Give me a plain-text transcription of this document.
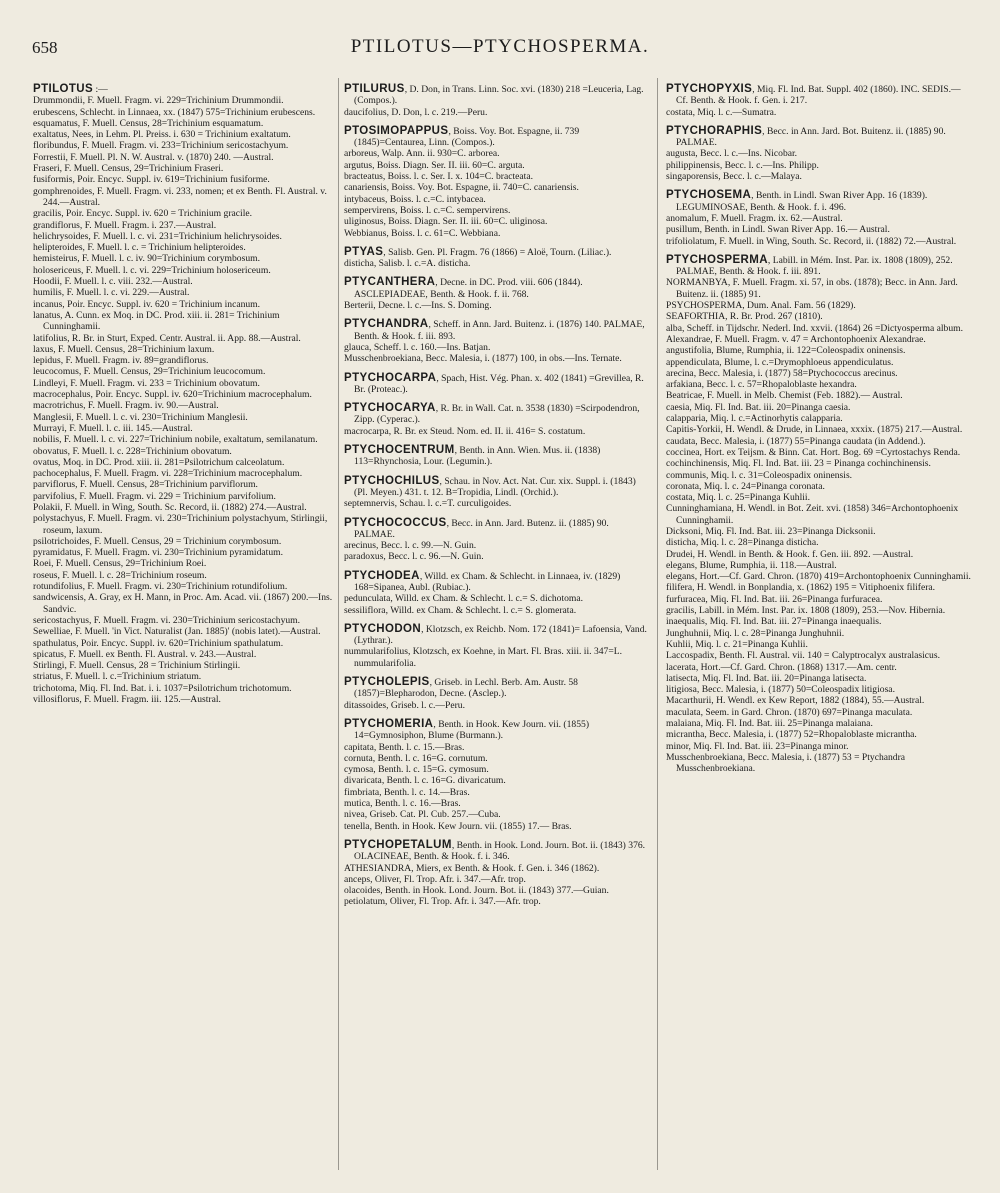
658	PTILOTUS—PTYCHOSPERMA.

PTILOTUS :—

Drummondii, F. Muell. Fragm. vi. 229=Trichinium Drummondii.

erubescens, Schlecht. in Linnaea, xx. (1847) 575=Trichinium erubescens.

esquamatus, F. Muell. Census, 28=Trichinium esquamatum.

exaltatus, Nees, in Lehm. Pl. Preiss. i. 630 = Trichinium exaltatum.

floribundus, F. Muell. Fragm. vi. 233=Trichinium sericostachyum.

Forrestii, F. Muell. Pl. N. W. Austral. v. (1870) 240. —Austral.

Fraseri, F. Muell. Census, 29=Trichinium Fraseri.

fusiformis, Poir. Encyc. Suppl. iv. 619=Trichinium fusiforme.

gomphrenoides, F. Muell. Fragm. vi. 233, nomen; et ex Benth. Fl. Austral. v. 244.—Austral.

gracilis, Poir. Encyc. Suppl. iv. 620 = Trichinium gracile.

grandiflorus, F. Muell. Fragm. i. 237.—Austral.

helichrysoides, F. Muell. l. c. vi. 231=Trichinium helichrysoides.

helipteroides, F. Muell. l. c. = Trichinium helipteroides.

hemisteirus, F. Muell. l. c. iv. 90=Trichinium corymbosum.

holosericeus, F. Muell. l. c. vi. 229=Trichinium holosericeum.

Hoodii, F. Muell. l. c. viii. 232.—Austral.

humilis, F. Muell. l. c. vi. 229.—Austral.

incanus, Poir. Encyc. Suppl. iv. 620 = Trichinium incanum.

lanatus, A. Cunn. ex Moq. in DC. Prod. xiii. ii. 281= Trichinium Cunninghamii.

latifolius, R. Br. in Sturt, Exped. Centr. Austral. ii. App. 88.—Austral.

laxus, F. Muell. Census, 28=Trichinium laxum.

lepidus, F. Muell. Fragm. iv. 89=grandiflorus.

leucocomus, F. Muell. Census, 29=Trichinium leucocomum.

Lindleyi, F. Muell. Fragm. vi. 233 = Trichinium obovatum.

macrocephalus, Poir. Encyc. Suppl. iv. 620=Trichinium macrocephalum.

macrotrichus, F. Muell. Fragm. iv. 90.—Austral.

Manglesii, F. Muell. l. c. vi. 230=Trichinium Manglesii.

Murrayi, F. Muell. l. c. iii. 145.—Austral.

nobilis, F. Muell. l. c. vi. 227=Trichinium nobile, exaltatum, semilanatum.

obovatus, F. Muell. l. c. 228=Trichinium obovatum.

ovatus, Moq. in DC. Prod. xiii. ii. 281=Psilotrichum calceolatum.

pachocephalus, F. Muell. Fragm. vi. 228=Trichinium macrocephalum.

parviflorus, F. Muell. Census, 28=Trichinium parviflorum.

parvifolius, F. Muell. Fragm. vi. 229 = Trichinium parvifolium.

Polakii, F. Muell. in Wing, South. Sc. Record, ii. (1882) 274.—Austral.

polystachyus, F. Muell. Fragm. vi. 230=Trichinium polystachyum, Stirlingii, roseum, laxum.

psilotrichoides, F. Muell. Census, 29 = Trichinium corymbosum.

pyramidatus, F. Muell. Fragm. vi. 230=Trichinium pyramidatum.

Roei, F. Muell. Census, 29=Trichinium Roei.

roseus, F. Muell. l. c. 28=Trichinium roseum.

rotundifolius, F. Muell. Fragm. vi. 230=Trichinium rotundifolium.

sandwicensis, A. Gray, ex H. Mann, in Proc. Am. Acad. vii. (1867) 200.—Ins. Sandvic.

sericostachyus, F. Muell. Fragm. vi. 230=Trichinium sericostachyum.

Sewelliae, F. Muell. 'in Vict. Naturalist (Jan. 1885)' (nobis latet).—Austral.

spathulatus, Poir. Encyc. Suppl. iv. 620=Trichinium spathulatum.

spicatus, F. Muell. ex Benth. Fl. Austral. v. 243.—Austral.

Stirlingi, F. Muell. Census, 28 = Trichinium Stirlingii.

striatus, F. Muell. l. c.=Trichinium striatum.

trichotoma, Miq. Fl. Ind. Bat. i. i. 1037=Psilotrichum trichotomum.

villosiflorus, F. Muell. Fragm. iii. 125.—Austral.

PTILURUS, D. Don, in Trans. Linn. Soc. xvi. (1830) 218 =Leuceria, Lag. (Compos.).

daucifolius, D. Don, l. c. 219.—Peru.

PTOSIMOPAPPUS, Boiss. Voy. Bot. Espagne, ii. 739 (1845)=Centaurea, Linn. (Compos.).

arboreus, Walp. Ann. ii. 930=C. arborea.

argutus, Boiss. Diagn. Ser. II. iii. 60=C. arguta.

bracteatus, Boiss. l. c. Ser. I. x. 104=C. bracteata.

canariensis, Boiss. Voy. Bot. Espagne, ii. 740=C. canariensis.

intybaceus, Boiss. l. c.=C. intybacea.

sempervirens, Boiss. l. c.=C. sempervirens.

uliginosus, Boiss. Diagn. Ser. II. iii. 60=C. uliginosa.

Webbianus, Boiss. l. c. 61=C. Webbiana.

PTYAS, Salisb. Gen. Pl. Fragm. 76 (1866) = Aloë, Tourn. (Liliac.).

disticha, Salisb. l. c.=A. disticha.

PTYCANTHERA, Decne. in DC. Prod. viii. 606 (1844). ASCLEPIADEAE, Benth. & Hook. f. ii. 768.

Berterii, Decne. l. c.—Ins. S. Doming.

PTYCHANDRA, Scheff. in Ann. Jard. Buitenz. i. (1876) 140. PALMAE, Benth. & Hook. f. iii. 893.

glauca, Scheff. l. c. 160.—Ins. Batjan.

Musschenbroekiana, Becc. Malesia, i. (1877) 100, in obs.—Ins. Ternate.

PTYCHOCARPA, Spach, Hist. Vég. Phan. x. 402 (1841) =Grevillea, R. Br. (Proteac.).

PTYCHOCARYA, R. Br. in Wall. Cat. n. 3538 (1830) =Scirpodendron, Zipp. (Cyperac.).

macrocarpa, R. Br. ex Steud. Nom. ed. II. ii. 416= S. costatum.

PTYCHOCENTRUM, Benth. in Ann. Wien. Mus. ii. (1838) 113=Rhynchosia, Lour. (Legumin.).

PTYCHOCHILUS, Schau. in Nov. Act. Nat. Cur. xix. Suppl. i. (1843) (Pl. Meyen.) 431. t. 12. B=Tropidia, Lindl. (Orchid.).

septemnervis, Schau. l. c.=T. curculigoides.

PTYCHOCOCCUS, Becc. in Ann. Jard. Butenz. ii. (1885) 90. PALMAE.

arecinus, Becc. l. c. 99.—N. Guin.

paradoxus, Becc. l. c. 96.—N. Guin.

PTYCHODEA, Willd. ex Cham. & Schlecht. in Linnaea, iv. (1829) 168=Sipanea, Aubl. (Rubiac.).

pedunculata, Willd. ex Cham. & Schlecht. l. c.= S. dichotoma.

sessiliflora, Willd. ex Cham. & Schlecht. l. c.= S. glomerata.

PTYCHODON, Klotzsch, ex Reichb. Nom. 172 (1841)= Lafoensia, Vand. (Lythrar.).

nummularifolius, Klotzsch, ex Koehne, in Mart. Fl. Bras. xiii. ii. 347=L. nummularifolia.

PTYCHOLEPIS, Griseb. in Lechl. Berb. Am. Austr. 58 (1857)=Blepharodon, Decne. (Asclep.).

ditassoides, Griseb. l. c.—Peru.

PTYCHOMERIA, Benth. in Hook. Kew Journ. vii. (1855) 14=Gymnosiphon, Blume (Burmann.).

capitata, Benth. l. c. 15.—Bras.

cornuta, Benth. l. c. 16=G. cornutum.

cymosa, Benth. l. c. 15=G. cymosum.

divaricata, Benth. l. c. 16=G. divaricatum.

fimbriata, Benth. l. c. 14.—Bras.

mutica, Benth. l. c. 16.—Bras.

nivea, Griseb. Cat. Pl. Cub. 257.—Cuba.

tenella, Benth. in Hook. Kew Journ. vii. (1855) 17.— Bras.

PTYCHOPETALUM, Benth. in Hook. Lond. Journ. Bot. ii. (1843) 376. OLACINEAE, Benth. & Hook. f. i. 346.

ATHESIANDRA, Miers, ex Benth. & Hook. f. Gen. i. 346 (1862).

anceps, Oliver, Fl. Trop. Afr. i. 347.—Afr. trop.

olacoides, Benth. in Hook. Lond. Journ. Bot. ii. (1843) 377.—Guian.

petiolatum, Oliver, Fl. Trop. Afr. i. 347.—Afr. trop.

PTYCHOPYXIS, Miq. Fl. Ind. Bat. Suppl. 402 (1860). INC. SEDIS.—Cf. Benth. & Hook. f. Gen. i. 217.

costata, Miq. l. c.—Sumatra.

PTYCHORAPHIS, Becc. in Ann. Jard. Bot. Buitenz. ii. (1885) 90. PALMAE.

augusta, Becc. l. c.—Ins. Nicobar.

philippinensis, Becc. l. c.—Ins. Philipp.

singaporensis, Becc. l. c.—Malaya.

PTYCHOSEMA, Benth. in Lindl. Swan River App. 16 (1839). LEGUMINOSAE, Benth. & Hook. f. i. 496.

anomalum, F. Muell. Fragm. ix. 62.—Austral.

pusillum, Benth. in Lindl. Swan River App. 16.— Austral.

trifoliolatum, F. Muell. in Wing, South. Sc. Record, ii. (1882) 72.—Austral.

PTYCHOSPERMA, Labill. in Mém. Inst. Par. ix. 1808 (1809), 252. PALMAE, Benth. & Hook. f. iii. 891.

NORMANBYA, F. Muell. Fragm. xi. 57, in obs. (1878); Becc. in Ann. Jard. Buitenz. ii. (1885) 91.

PSYCHOSPERMA, Dum. Anal. Fam. 56 (1829).

SEAFORTHIA, R. Br. Prod. 267 (1810).

alba, Scheff. in Tijdschr. Nederl. Ind. xxvii. (1864) 26 =Dictyosperma album.

Alexandrae, F. Muell. Fragm. v. 47 = Archontophoenix Alexandrae.

angustifolia, Blume, Rumphia, ii. 122=Coleospadix oninensis.

appendiculata, Blume, l. c.=Drymophloeus appendiculatus.

arecina, Becc. Malesia, i. (1877) 58=Ptychococcus arecinus.

arfakiana, Becc. l. c. 57=Rhopaloblaste hexandra.

Beatricae, F. Muell. in Melb. Chemist (Feb. 1882).— Austral.

caesia, Miq. Fl. Ind. Bat. iii. 20=Pinanga caesia.

calapparia, Miq. l. c.=Actinorhytis calapparia.

Capitis-Yorkii, H. Wendl. & Drude, in Linnaea, xxxix. (1875) 217.—Austral.

caudata, Becc. Malesia, i. (1877) 55=Pinanga caudata (in Addend.).

coccinea, Hort. ex Teijsm. & Binn. Cat. Hort. Bog. 69 =Cyrtostachys Renda.

cochinchinensis, Miq. Fl. Ind. Bat. iii. 23 = Pinanga cochinchinensis.

communis, Miq. l. c. 31=Coleospadix oninensis.

coronata, Miq. l. c. 24=Pinanga coronata.

costata, Miq. l. c. 25=Pinanga Kuhlii.

Cunninghamiana, H. Wendl. in Bot. Zeit. xvi. (1858) 346=Archontophoenix Cunninghamii.

Dicksoni, Miq. Fl. Ind. Bat. iii. 23=Pinanga Dicksonii.

disticha, Miq. l. c. 28=Pinanga disticha.

Drudei, H. Wendl. in Benth. & Hook. f. Gen. iii. 892. —Austral.

elegans, Blume, Rumphia, ii. 118.—Austral.

elegans, Hort.—Cf. Gard. Chron. (1870) 419=Archontophoenix Cunninghamii.

filifera, H. Wendl. in Bonplandia, x. (1862) 195 = Vitiphoenix filifera.

furfuracea, Miq. Fl. Ind. Bat. iii. 26=Pinanga furfuracea.

gracilis, Labill. in Mém. Inst. Par. ix. 1808 (1809), 253.—Nov. Hibernia.

inaequalis, Miq. Fl. Ind. Bat. iii. 27=Pinanga inaequalis.

Junghuhnii, Miq. l. c. 28=Pinanga Junghuhnii.

Kuhlii, Miq. l. c. 21=Pinanga Kuhlii.

Laccospadix, Benth. Fl. Austral. vii. 140 = Calyptrocalyx australasicus.

lacerata, Hort.—Cf. Gard. Chron. (1868) 1317.—Am. centr.

latisecta, Miq. Fl. Ind. Bat. iii. 20=Pinanga latisecta.

litigiosa, Becc. Malesia, i. (1877) 50=Coleospadix litigiosa.

Macarthurii, H. Wendl. ex Kew Report, 1882 (1884), 55.—Austral.

maculata, Seem. in Gard. Chron. (1870) 697=Pinanga maculata.

malaiana, Miq. Fl. Ind. Bat. iii. 25=Pinanga malaiana.

micrantha, Becc. Malesia, i. (1877) 52=Rhopaloblaste micrantha.

minor, Miq. Fl. Ind. Bat. iii. 23=Pinanga minor.

Musschenbroekiana, Becc. Malesia, i. (1877) 53 = Ptychandra Musschenbroekiana.
